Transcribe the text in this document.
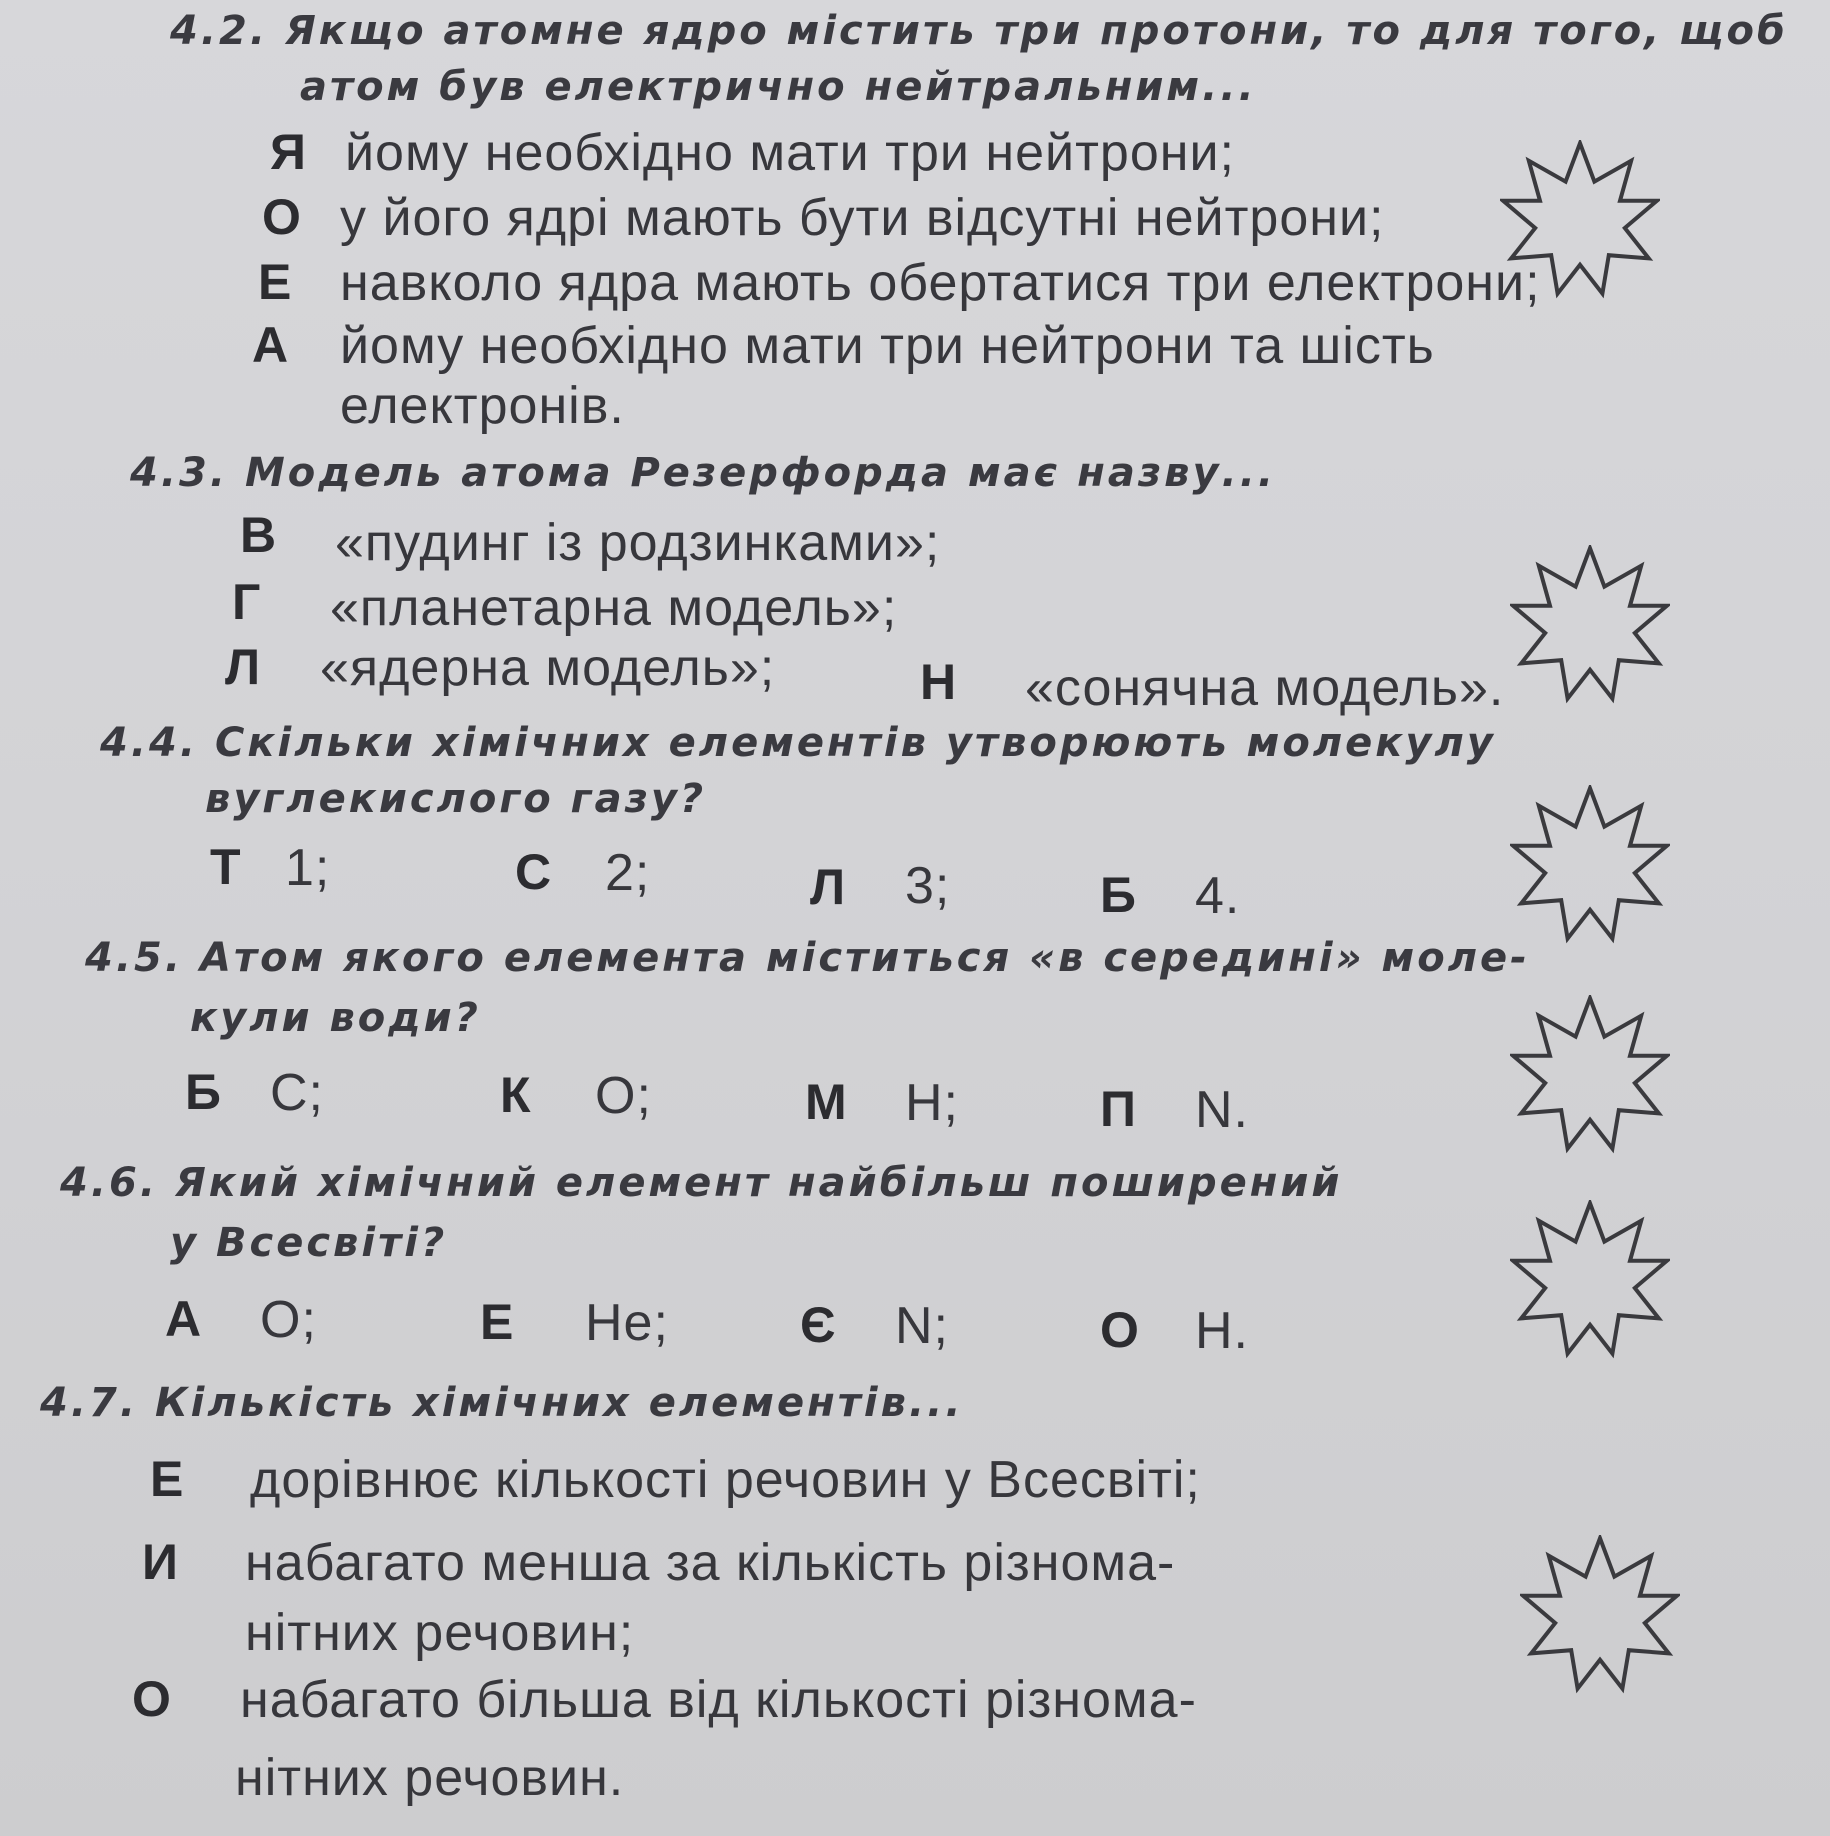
4.2. Якщо атомне ядро містить три протони, то для того, щоб
атом був електрично нейтральним...
Я йому необхідно мати три нейтрони;
О у його ядрі мають бути відсутні нейтрони;
Е навколо ядра мають обертатися три електрони;
А йому необхідно мати три нейтрони та шість
електронів.
4.3. Модель атома Резерфорда має назву...
В «пудинг із родзинками»;
Г «планетарна модель»;
Л «ядерна модель»;	Н «сонячна модель».
4.4. Скільки хімічних елементів утворюють молекулу
вуглекислого газу?
Т 1;	С 2;	Л 3;	Б 4.
4.5. Атом якого елемента міститься «в середині» моле-
кули води?
Б C;	К O;	М H;	П N.
4.6. Який хімічний елемент найбільш поширений
у Всесвіті?
А O;	Е He;	Є N;	О H.
4.7. Кількість хімічних елементів...
Е дорівнює кількості речовин у Всесвіті;
И набагато менша за кількість різнома-
нітних речовин;
О набагато більша від кількості різнома-
нітних речовин.
